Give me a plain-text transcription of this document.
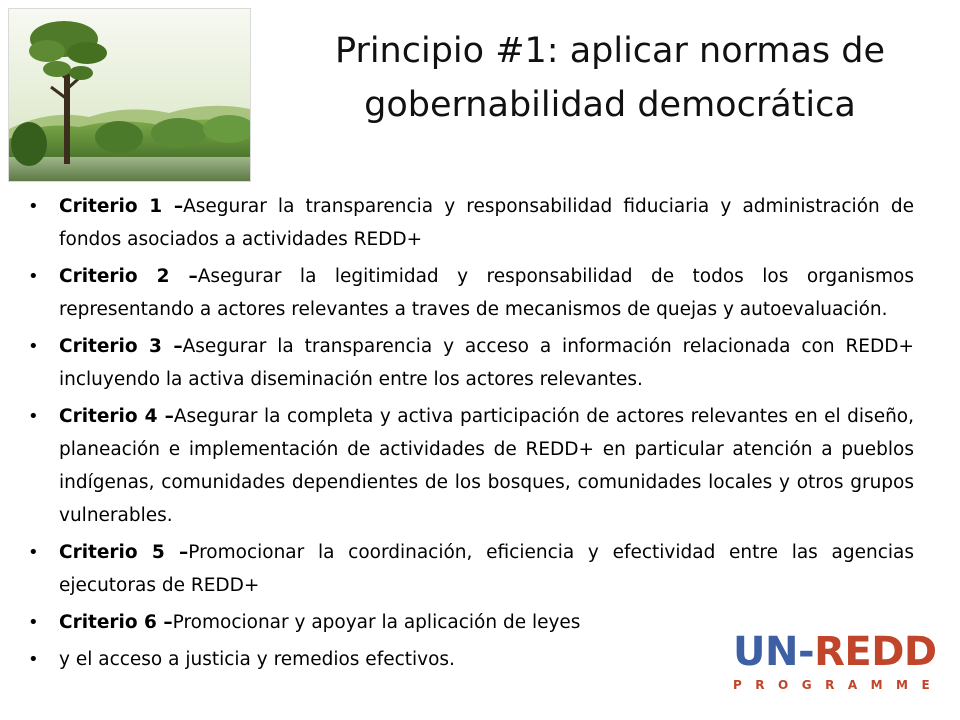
Principio #1: aplicar normas de
gobernabilidad democrática
• Criterio 1 –Asegurar la transparencia y responsabilidad fiduciaria y administración de fondos asociados a actividades REDD+
• Criterio 2 –Asegurar la legitimidad y responsabilidad de todos los organismos representando a actores relevantes a traves de mecanismos de quejas y autoevaluación.
• Criterio 3 –Asegurar la transparencia y acceso a información relacionada con REDD+ incluyendo la activa diseminación entre los actores relevantes.
• Criterio 4 –Asegurar la completa y activa participación de actores relevantes en el diseño, planeación e implementación de actividades de REDD+ en particular atención a pueblos indígenas, comunidades dependientes de los bosques, comunidades locales y otros grupos vulnerables.
• Criterio 5 –Promocionar la coordinación, eficiencia y efectividad entre las agencias ejecutoras de REDD+
• Criterio 6 –Promocionar y apoyar la aplicación de leyes
• y el acceso a justicia y remedios efectivos.	UN-REDD
PROGRAMME
